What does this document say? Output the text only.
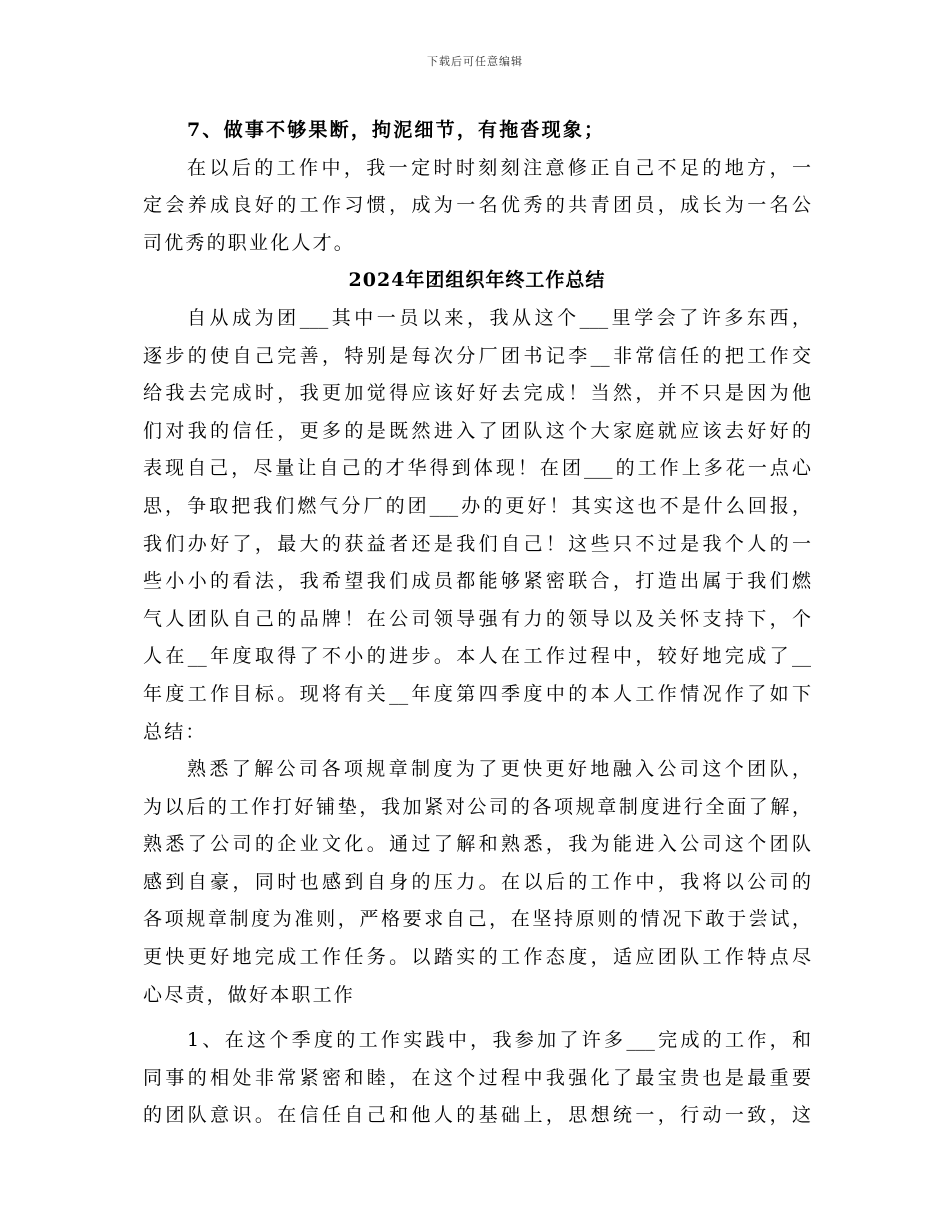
下载后可任意编辑
7、做事不够果断，拘泥细节，有拖沓现象；
在以后的工作中，我一定时时刻刻注意修正自己不足的地方，一
定会养成良好的工作习惯，成为一名优秀的共青团员，成长为一名公
司优秀的职业化人才。
2024年团组织年终工作总结
自从成为团___其中一员以来，我从这个___里学会了许多东西，
逐步的使自己完善，特别是每次分厂团书记李__非常信任的把工作交
给我去完成时，我更加觉得应该好好去完成！当然，并不只是因为他
们对我的信任，更多的是既然进入了团队这个大家庭就应该去好好的
表现自己，尽量让自己的才华得到体现！在团___的工作上多花一点心
思，争取把我们燃气分厂的团___办的更好！其实这也不是什么回报，
我们办好了，最大的获益者还是我们自己！这些只不过是我个人的一
些小小的看法，我希望我们成员都能够紧密联合，打造出属于我们燃
气人团队自己的品牌！在公司领导强有力的领导以及关怀支持下，个
人在__年度取得了不小的进步。本人在工作过程中，较好地完成了__
年度工作目标。现将有关__年度第四季度中的本人工作情况作了如下
总结：
熟悉了解公司各项规章制度为了更快更好地融入公司这个团队，
为以后的工作打好铺垫，我加紧对公司的各项规章制度进行全面了解，
熟悉了公司的企业文化。通过了解和熟悉，我为能进入公司这个团队
感到自豪，同时也感到自身的压力。在以后的工作中，我将以公司的
各项规章制度为准则，严格要求自己，在坚持原则的情况下敢于尝试，
更快更好地完成工作任务。以踏实的工作态度，适应团队工作特点尽
心尽责，做好本职工作
1、在这个季度的工作实践中，我参加了许多___完成的工作，和
同事的相处非常紧密和睦，在这个过程中我强化了最宝贵也是最重要
的团队意识。在信任自己和他人的基础上，思想统一，行动一致，这
